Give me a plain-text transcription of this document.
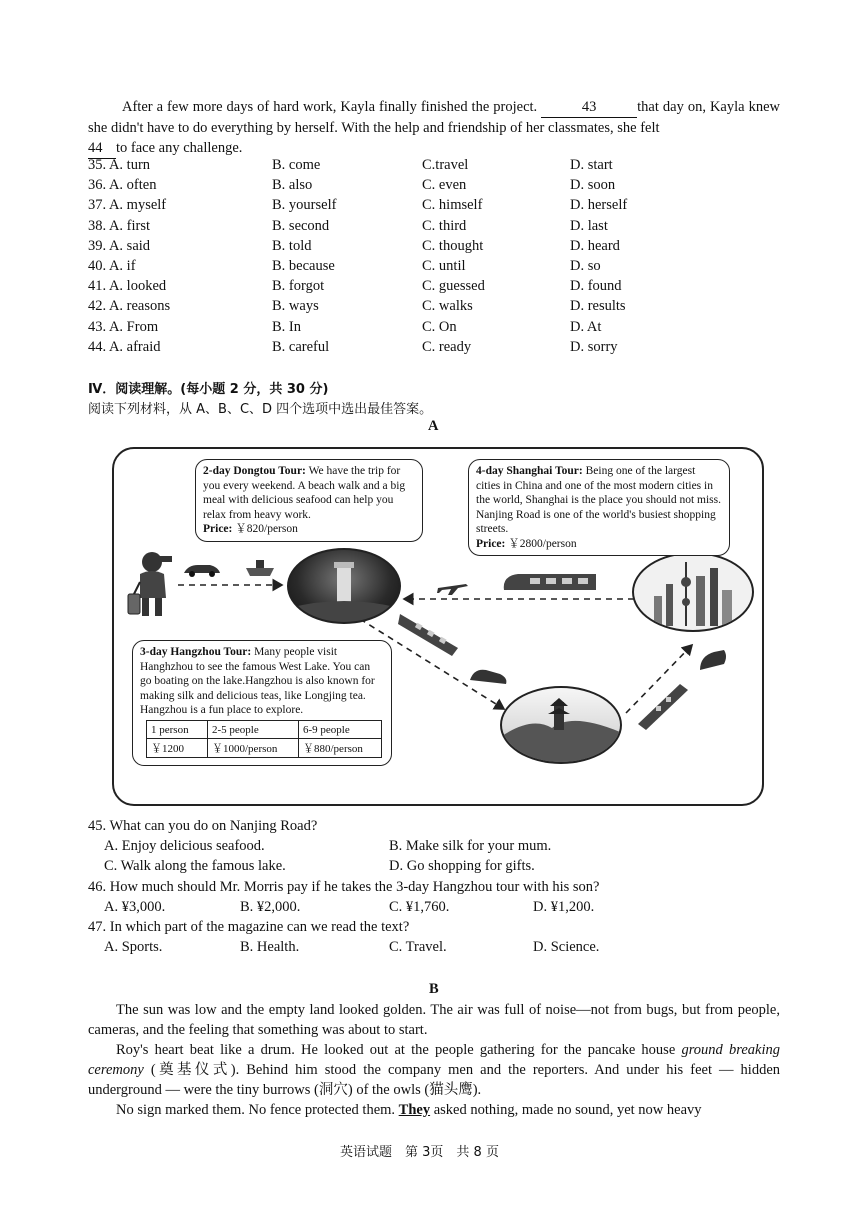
After a few more days of hard work, Kayla finally finished the project.	43	that day on, Kayla knew she didn't have to do everything by herself. With the help and friendship of her classmates, she felt
44 to face any challenge.
35. A. turn	B. come	C.travel	D. start
36. A. often	B. also	C. even	D. soon
37. A. myself	B. yourself	C. himself	D. herself
38. A. first	B. second	C. third	D. last
39. A. said	B. told	C. thought	D. heard
40. A. if	B. because	C. until	D. so
41. A. looked	B. forgot	C. guessed	D. found
42. A. reasons	B. ways	C. walks	D. results
43. A. From	B. In	C. On	D. At
44. A. afraid	B. careful	C. ready	D. sorry
Ⅳ．阅读理解。(每小题 2 分，共 30 分)
阅读下列材料，从 A、B、C、D 四个选项中选出最佳答案。
A
2-day Dongtou Tour: We have the trip for you every weekend. A beach walk and a big meal with delicious seafood can help you relax from heavy work.
Price: ￥820/person
4-day Shanghai Tour: Being one of the largest cities in China and one of the most modern cities in the world, Shanghai is the place you should not miss. Nanjing Road is one of the world's busiest shopping streets.
Price: ￥2800/person
3-day Hangzhou Tour: Many people visit Hanghzhou to see the famous West Lake. You can go boating on the lake.Hangzhou is also known for making silk and delicious teas, like Longjing tea. Hangzhou is a fun place to explore.
1 person	2-5 people	6-9 people
￥1200	￥1000/person	￥880/person
45. What can you do on Nanjing Road?
A. Enjoy delicious seafood.	B. Make silk for your mum.
C. Walk along the famous lake.	D. Go shopping for gifts.
46. How much should Mr. Morris pay if he takes the 3-day Hangzhou tour with his son?
A. ¥3,000.	B. ¥2,000.	C. ¥1,760.	D. ¥1,200.
47. In which part of the magazine can we read the text?
A. Sports.	B. Health.	C. Travel.	D. Science.
B
The sun was low and the empty land looked golden. The air was full of noise—not from bugs, but from people, cameras, and the feeling that something was about to start.
Roy's heart beat like a drum. He looked out at the people gathering for the pancake house ground breaking ceremony (奠基仪式). Behind him stood the company men and the reporters. And under his feet — hidden underground — were the tiny burrows (洞穴) of the owls (猫头鹰).
No sign marked them. No fence protected them. They asked nothing, made no sound, yet now heavy
英语试题　第 3页　共 8 页
